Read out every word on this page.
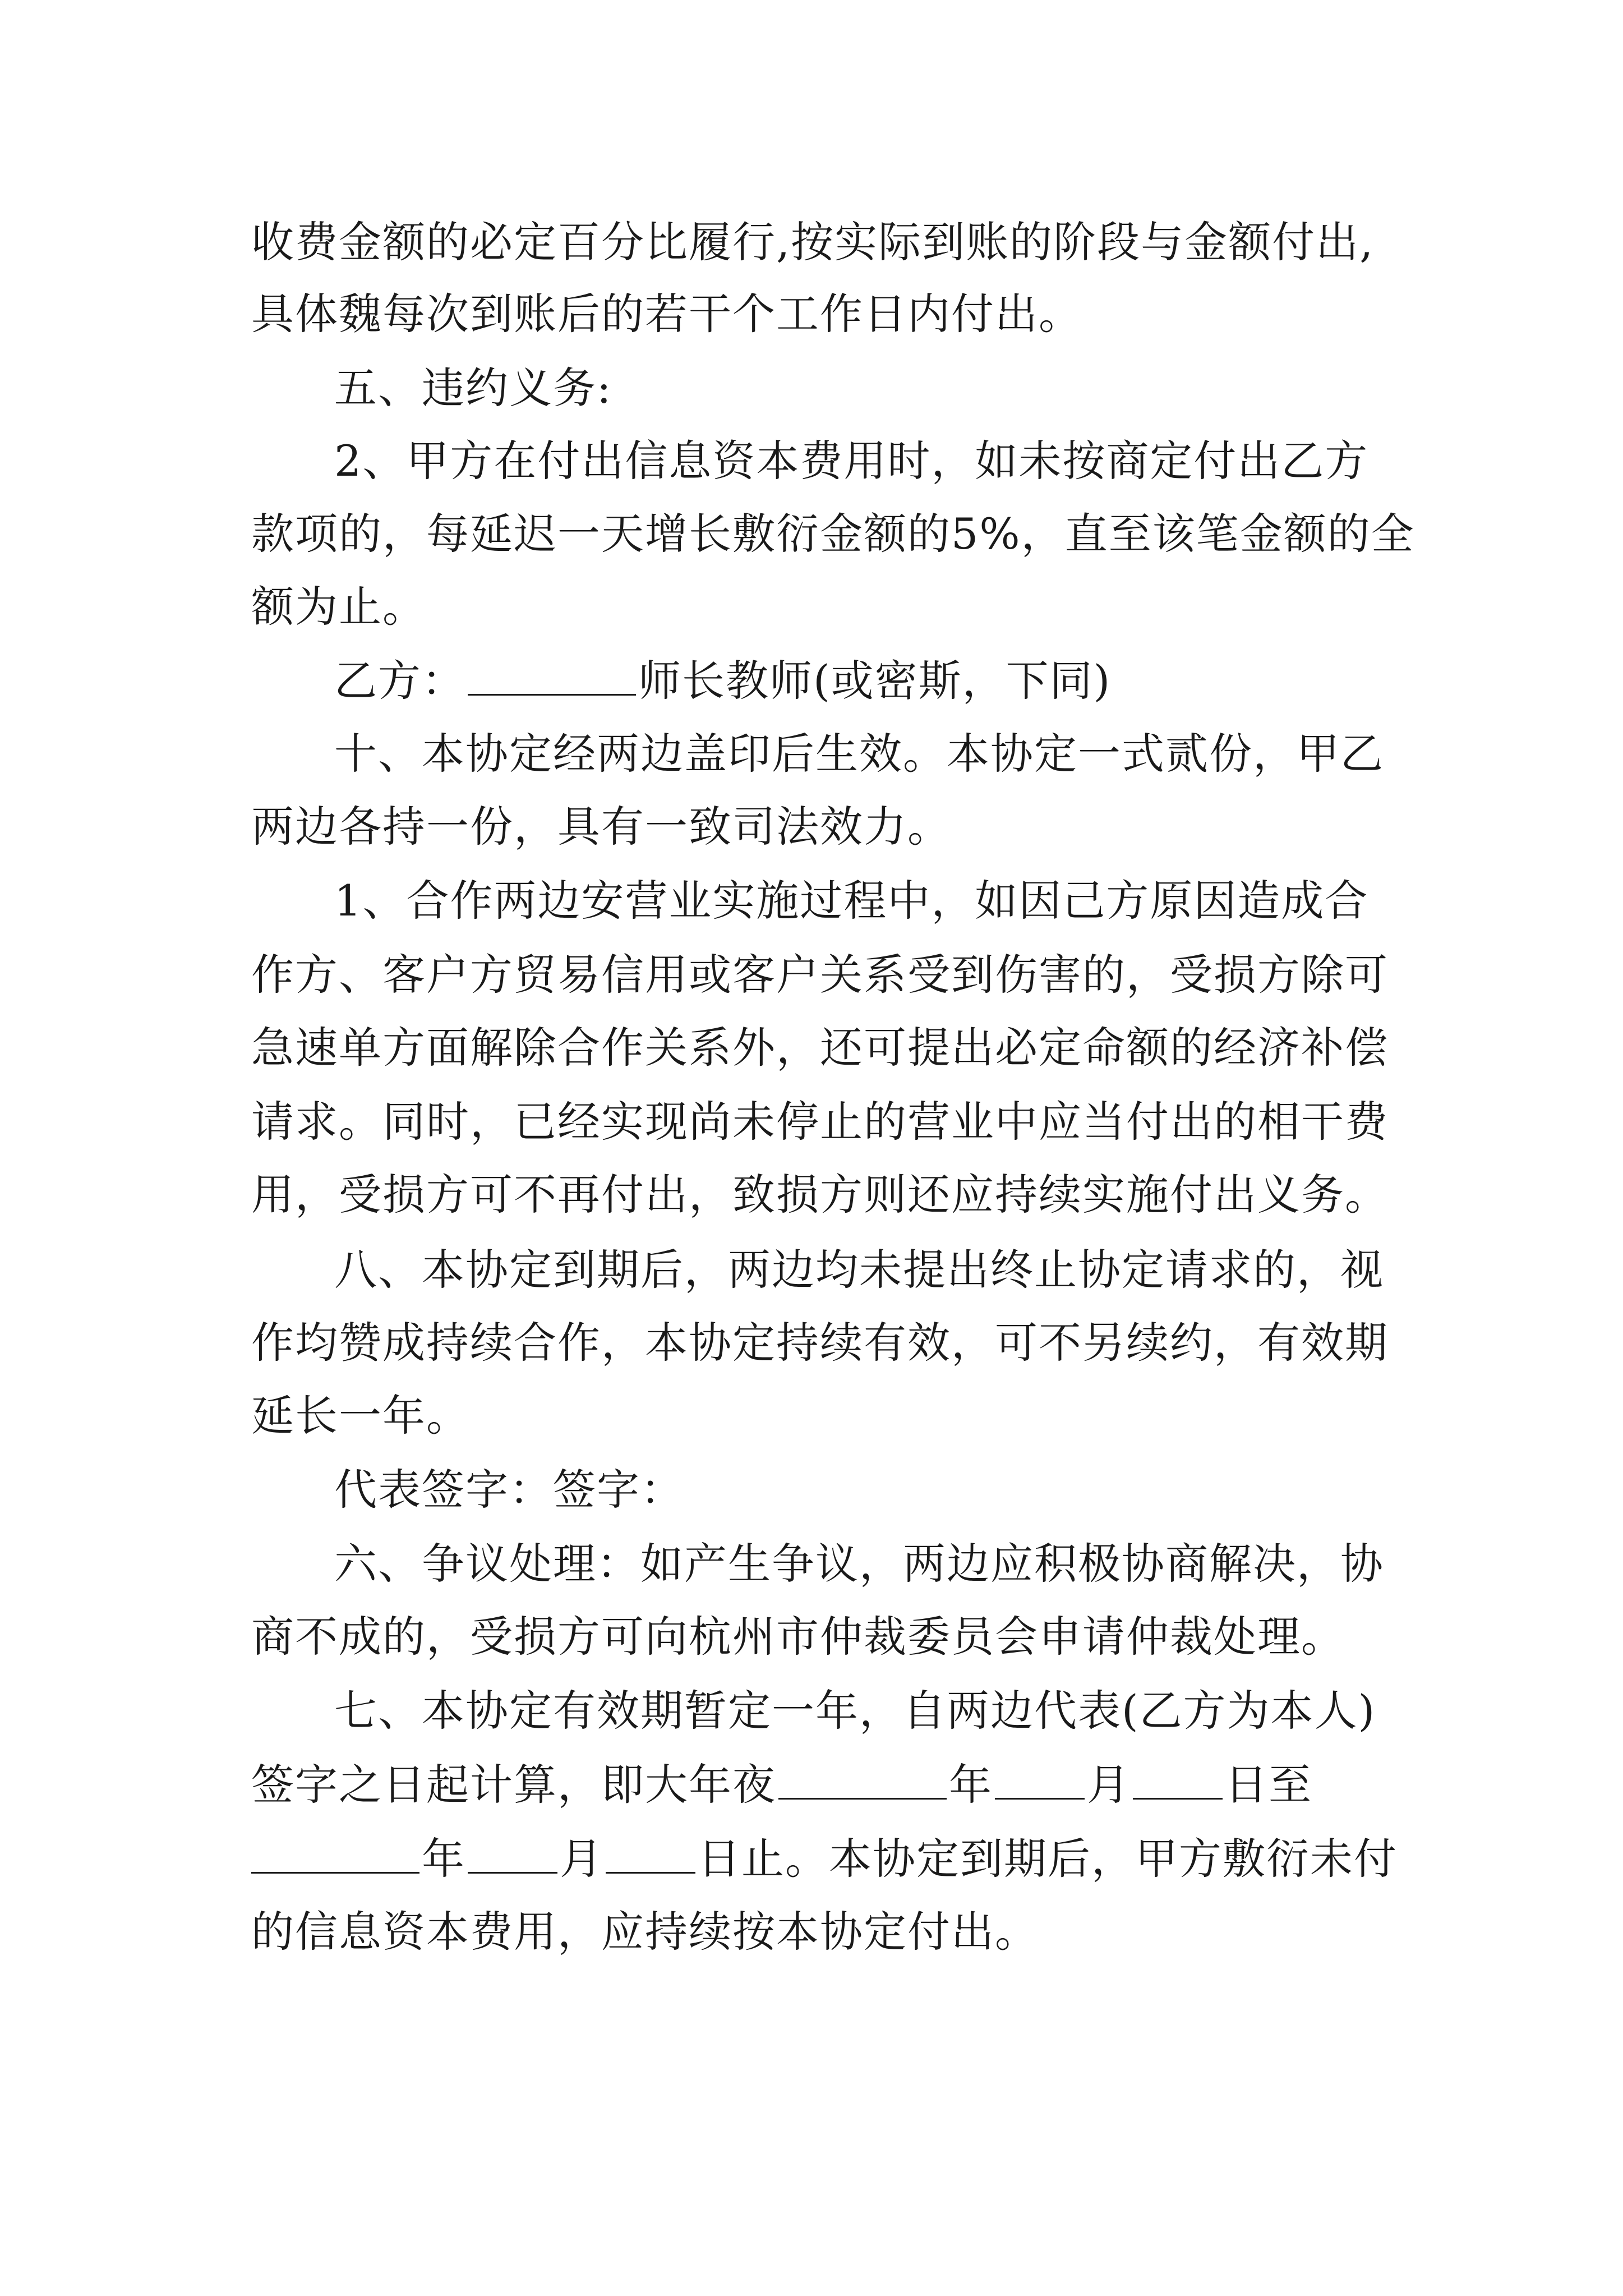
收费金额的必定百分比履行,按实际到账的阶段与金额付出,
具体魏每次到账后的若干个工作日内付出。
五、违约义务:
2、甲方在付出信息资本费用时，如未按商定付出乙方
款项的，每延迟一天增长敷衍金额的5%，直至该笔金额的全
额为止。
乙方：	师长教师(或密斯，下同)
十、本协定经两边盖印后生效。本协定一式贰份，甲乙
两边各持一份，具有一致司法效力。
1、合作两边安营业实施过程中，如因己方原因造成合
作方、客户方贸易信用或客户关系受到伤害的，受损方除可
急速单方面解除合作关系外，还可提出必定命额的经济补偿
请求。同时，已经实现尚未停止的营业中应当付出的相干费
用，受损方可不再付出，致损方则还应持续实施付出义务。
八、本协定到期后，两边均未提出终止协定请求的，视
作均赞成持续合作，本协定持续有效，可不另续约，有效期
延长一年。
代表签字：签字：
六、争议处理：如产生争议，两边应积极协商解决，协
商不成的，受损方可向杭州市仲裁委员会申请仲裁处理。
七、本协定有效期暂定一年，自两边代表(乙方为本人)
签字之日起计算，即大年夜	年 月 日至
年 月 日止。本协定到期后，甲方敷衍未付
的信息资本费用，应持续按本协定付出。
